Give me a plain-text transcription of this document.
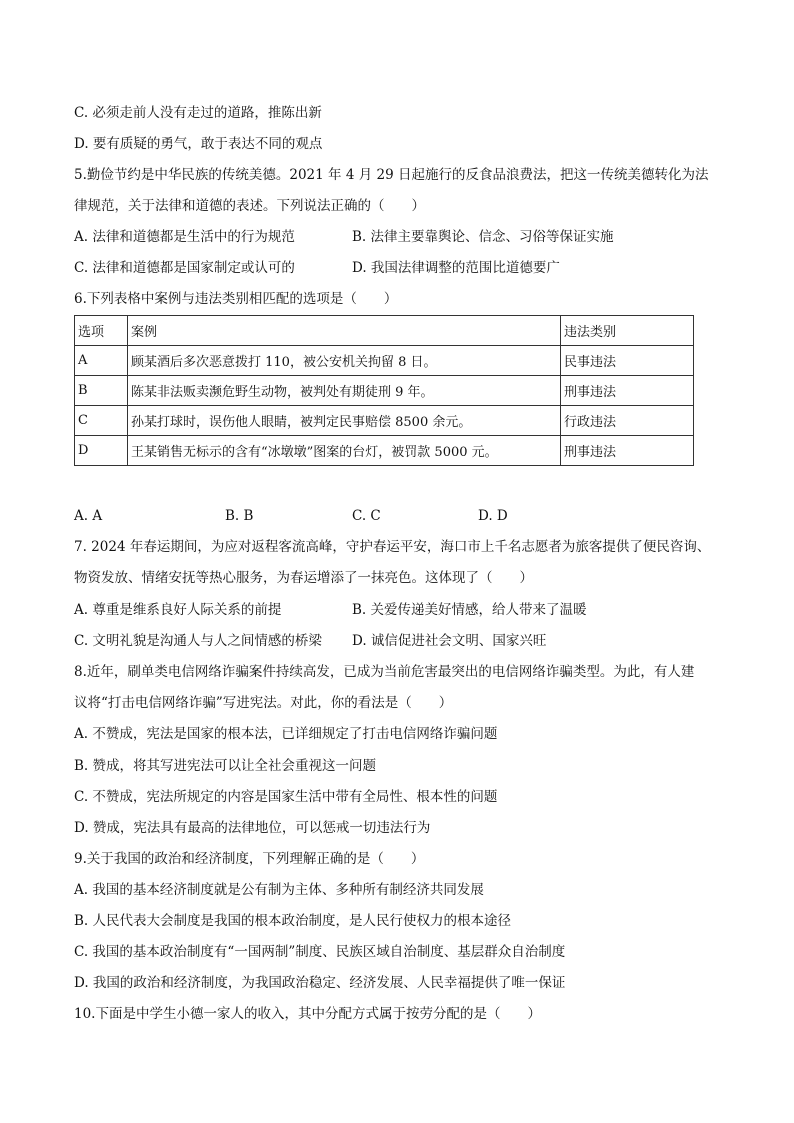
C. 必须走前人没有走过的道路，推陈出新
D. 要有质疑的勇气，敢于表达不同的观点
5.勤俭节约是中华民族的传统美德。2021 年 4 月 29 日起施行的反食品浪费法，把这一传统美德转化为法
律规范，关于法律和道德的表述。下列说法正确的（　　）
A. 法律和道德都是生活中的行为规范	B. 法律主要靠舆论、信念、习俗等保证实施
C. 法律和道德都是国家制定或认可的	D. 我国法律调整的范围比道德要广
6.下列表格中案例与违法类别相匹配的选项是（　　）
选项	案例	违法类别
A	顾某酒后多次恶意拨打 110，被公安机关拘留 8 日。	民事违法
B	陈某非法贩卖濒危野生动物，被判处有期徒刑 9 年。	刑事违法
C	孙某打球时，误伤他人眼睛，被判定民事赔偿 8500 余元。	行政违法
D	王某销售无标示的含有“冰墩墩”图案的台灯，被罚款 5000 元。	刑事违法
A. A	B. B	C. C	D. D
7. 2024 年春运期间，为应对返程客流高峰，守护春运平安，海口市上千名志愿者为旅客提供了便民咨询、
物资发放、情绪安抚等热心服务，为春运增添了一抹亮色。这体现了（　　）
A. 尊重是维系良好人际关系的前提	B. 关爱传递美好情感，给人带来了温暖
C. 文明礼貌是沟通人与人之间情感的桥梁 D. 诚信促进社会文明、国家兴旺
8.近年，刷单类电信网络诈骗案件持续高发，已成为当前危害最突出的电信网络诈骗类型。为此，有人建
议将“打击电信网络诈骗”写进宪法。对此，你的看法是（　　）
A. 不赞成，宪法是国家的根本法，已详细规定了打击电信网络诈骗问题
B. 赞成，将其写进宪法可以让全社会重视这一问题
C. 不赞成，宪法所规定的内容是国家生活中带有全局性、根本性的问题
D. 赞成，宪法具有最高的法律地位，可以惩戒一切违法行为
9.关于我国的政治和经济制度，下列理解正确的是（　　）
A. 我国的基本经济制度就是公有制为主体、多种所有制经济共同发展
B. 人民代表大会制度是我国的根本政治制度，是人民行使权力的根本途径
C. 我国的基本政治制度有“一国两制”制度、民族区域自治制度、基层群众自治制度
D. 我国的政治和经济制度，为我国政治稳定、经济发展、人民幸福提供了唯一保证
10.下面是中学生小德一家人的收入，其中分配方式属于按劳分配的是（　　）
